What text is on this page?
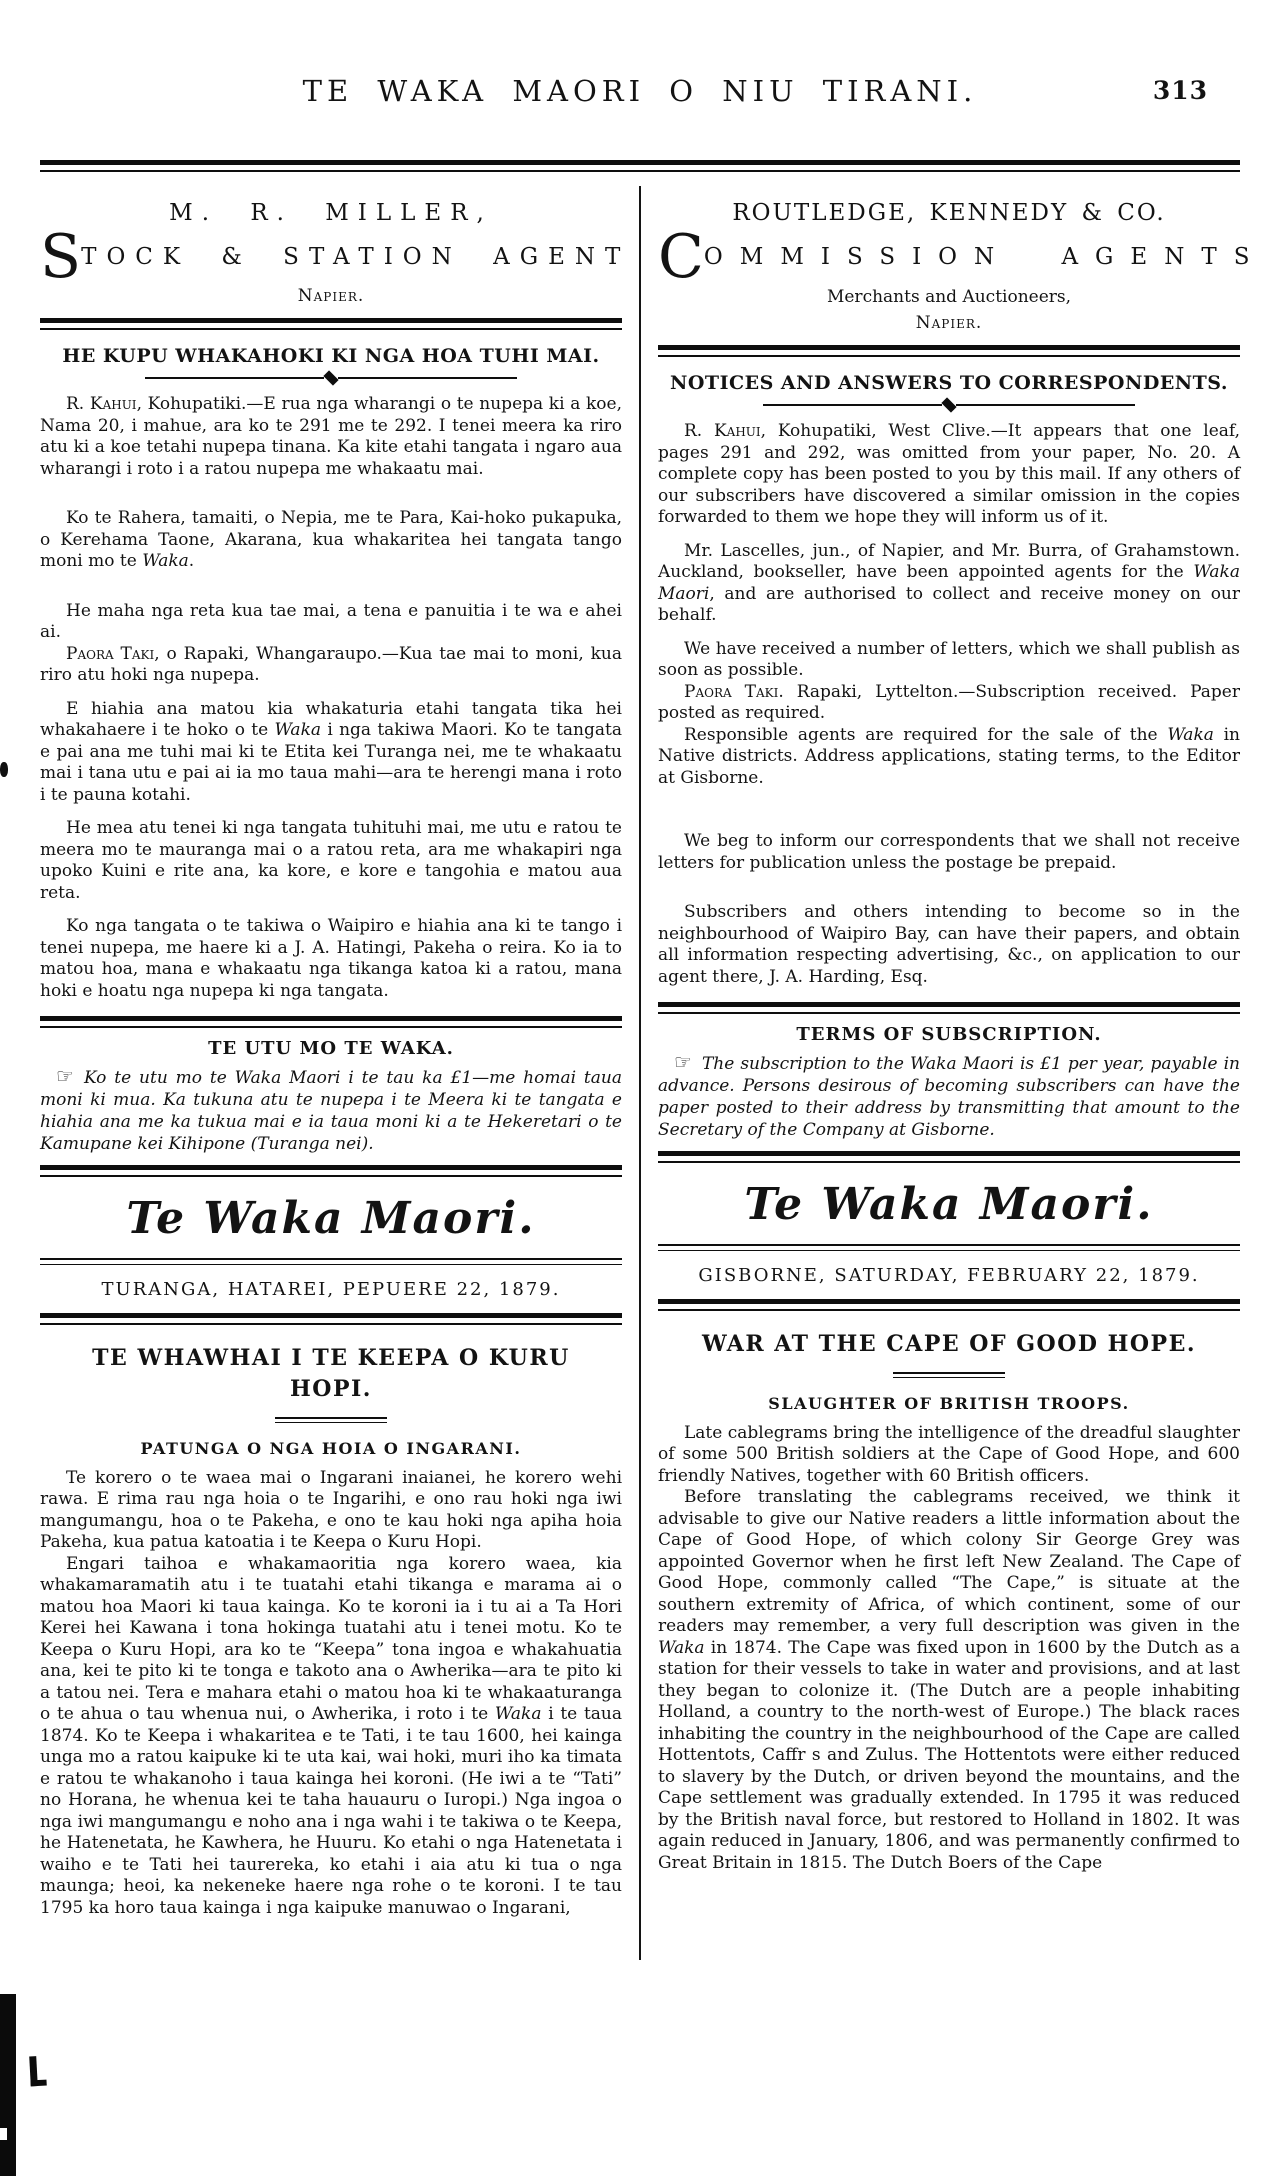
TE WAKA MAORI O NIU TIRANI.	313
M. R. MILLER,
S TOCK & STATION AGENT
Napier.
HE KUPU WHAKAHOKI KI NGA HOA TUHI MAI.

R. Kahui, Kohupatiki.—E rua nga wharangi o te nupepa ki a koe, Nama 20, i mahue, ara ko te 291 me te 292. I tenei meera ka riro atu ki a koe tetahi nupepa tinana. Ka kite etahi tangata i ngaro aua wharangi i roto i a ratou nupepa me whakaatu mai.

Ko te Rahera, tamaiti, o Nepia, me te Para, Kai-hoko pukapuka, o Kerehama Taone, Akarana, kua whakaritea hei tangata tango moni mo te Waka.

He maha nga reta kua tae mai, a tena e panuitia i te wa e ahei ai.

Paora Taki, o Rapaki, Whangaraupo.—Kua tae mai to moni, kua riro atu hoki nga nupepa.

E hiahia ana matou kia whakaturia etahi tangata tika hei whakahaere i te hoko o te Waka i nga takiwa Maori. Ko te tangata e pai ana me tuhi mai ki te Etita kei Turanga nei, me te whakaatu mai i tana utu e pai ai ia mo taua mahi—ara te herengi mana i roto i te pauna kotahi.

He mea atu tenei ki nga tangata tuhituhi mai, me utu e ratou te meera mo te mauranga mai o a ratou reta, ara me whakapiri nga upoko Kuini e rite ana, ka kore, e kore e tangohia e matou aua reta.

Ko nga tangata o te takiwa o Waipiro e hiahia ana ki te tango i tenei nupepa, me haere ki a J. A. Hatingi, Pakeha o reira. Ko ia to matou hoa, mana e whakaatu nga tikanga katoa ki a ratou, mana hoki e hoatu nga nupepa ki nga tangata.

TE UTU MO TE WAKA.

☞ Ko te utu mo te Waka Maori i te tau ka £1—me homai taua moni ki mua. Ka tukuna atu te nupepa i te Meera ki te tangata e hiahia ana me ka tukua mai e ia taua moni ki a te Hekeretari o te Kamupane kei Kihipone (Turanga nei).

Te Waka Maori.
TURANGA, HATAREI, PEPUERE 22, 1879.
TE WHAWHAI I TE KEEPA O KURU HOPI.
PATUNGA O NGA HOIA O INGARANI.

Te korero o te waea mai o Ingarani inaianei, he korero wehi rawa. E rima rau nga hoia o te Ingarihi, e ono rau hoki nga iwi mangumangu, hoa o te Pakeha, e ono te kau hoki nga apiha hoia Pakeha, kua patua katoatia i te Keepa o Kuru Hopi.

Engari taihoa e whakamaoritia nga korero waea, kia whakamaramatih atu i te tuatahi etahi tikanga e marama ai o matou hoa Maori ki taua kainga. Ko te koroni ia i tu ai a Ta Hori Kerei hei Kawana i tona hokinga tuatahi atu i tenei motu. Ko te Keepa o Kuru Hopi, ara ko te “Keepa” tona ingoa e whakahuatia ana, kei te pito ki te tonga e takoto ana o Awherika—ara te pito ki a tatou nei. Tera e mahara etahi o matou hoa ki te whakaaturanga o te ahua o tau whenua nui, o Awherika, i roto i te Waka i te taua 1874. Ko te Keepa i whakaritea e te Tati, i te tau 1600, hei kainga unga mo a ratou kaipuke ki te uta kai, wai hoki, muri iho ka timata e ratou te whakanoho i taua kainga hei koroni. (He iwi a te “Tati” no Horana, he whenua kei te taha hauauru o Iuropi.) Nga ingoa o nga iwi mangumangu e noho ana i nga wahi i te takiwa o te Keepa, he Hatenetata, he Kawhera, he Huuru. Ko etahi o nga Hatenetata i waiho e te Tati hei taurereka, ko etahi i aia atu ki tua o nga maunga; heoi, ka nekeneke haere nga rohe o te koroni. I te tau 1795 ka horo taua kainga i nga kaipuke manuwao o Ingarani,

ROUTLEDGE, KENNEDY & CO.
C OMMISSION AGENTS
Merchants and Auctioneers,
Napier.
NOTICES AND ANSWERS TO CORRESPONDENTS.

R. Kahui, Kohupatiki, West Clive.—It appears that one leaf, pages 291 and 292, was omitted from your paper, No. 20. A complete copy has been posted to you by this mail. If any others of our subscribers have discovered a similar omission in the copies forwarded to them we hope they will inform us of it.

Mr. Lascelles, jun., of Napier, and Mr. Burra, of Grahamstown. Auckland, bookseller, have been appointed agents for the Waka Maori, and are authorised to collect and receive money on our behalf.

We have received a number of letters, which we shall publish as soon as possible.

Paora Taki. Rapaki, Lyttelton.—Subscription received. Paper posted as required.

Responsible agents are required for the sale of the Waka in Native districts. Address applications, stating terms, to the Editor at Gisborne.

We beg to inform our correspondents that we shall not receive letters for publication unless the postage be prepaid.

Subscribers and others intending to become so in the neighbourhood of Waipiro Bay, can have their papers, and obtain all information respecting advertising, &c., on application to our agent there, J. A. Harding, Esq.

TERMS OF SUBSCRIPTION.

☞ The subscription to the Waka Maori is £1 per year, payable in advance. Persons desirous of becoming subscribers can have the paper posted to their address by transmitting that amount to the Secretary of the Company at Gisborne.

Te Waka Maori.
GISBORNE, SATURDAY, FEBRUARY 22, 1879.
WAR AT THE CAPE OF GOOD HOPE.
SLAUGHTER OF BRITISH TROOPS.

Late cablegrams bring the intelligence of the dreadful slaughter of some 500 British soldiers at the Cape of Good Hope, and 600 friendly Natives, together with 60 British officers.

Before translating the cablegrams received, we think it advisable to give our Native readers a little information about the Cape of Good Hope, of which colony Sir George Grey was appointed Governor when he first left New Zealand. The Cape of Good Hope, commonly called “The Cape,” is situate at the southern extremity of Africa, of which continent, some of our readers may remember, a very full description was given in the Waka in 1874. The Cape was fixed upon in 1600 by the Dutch as a station for their vessels to take in water and provisions, and at last they began to colonize it. (The Dutch are a people inhabiting Holland, a country to the north-west of Europe.) The black races inhabiting the country in the neighbourhood of the Cape are called Hottentots, Caffr s and Zulus. The Hottentots were either reduced to slavery by the Dutch, or driven beyond the mountains, and the Cape settlement was gradually extended. In 1795 it was reduced by the British naval force, but restored to Holland in 1802. It was again reduced in January, 1806, and was permanently confirmed to Great Britain in 1815. The Dutch Boers of the Cape
